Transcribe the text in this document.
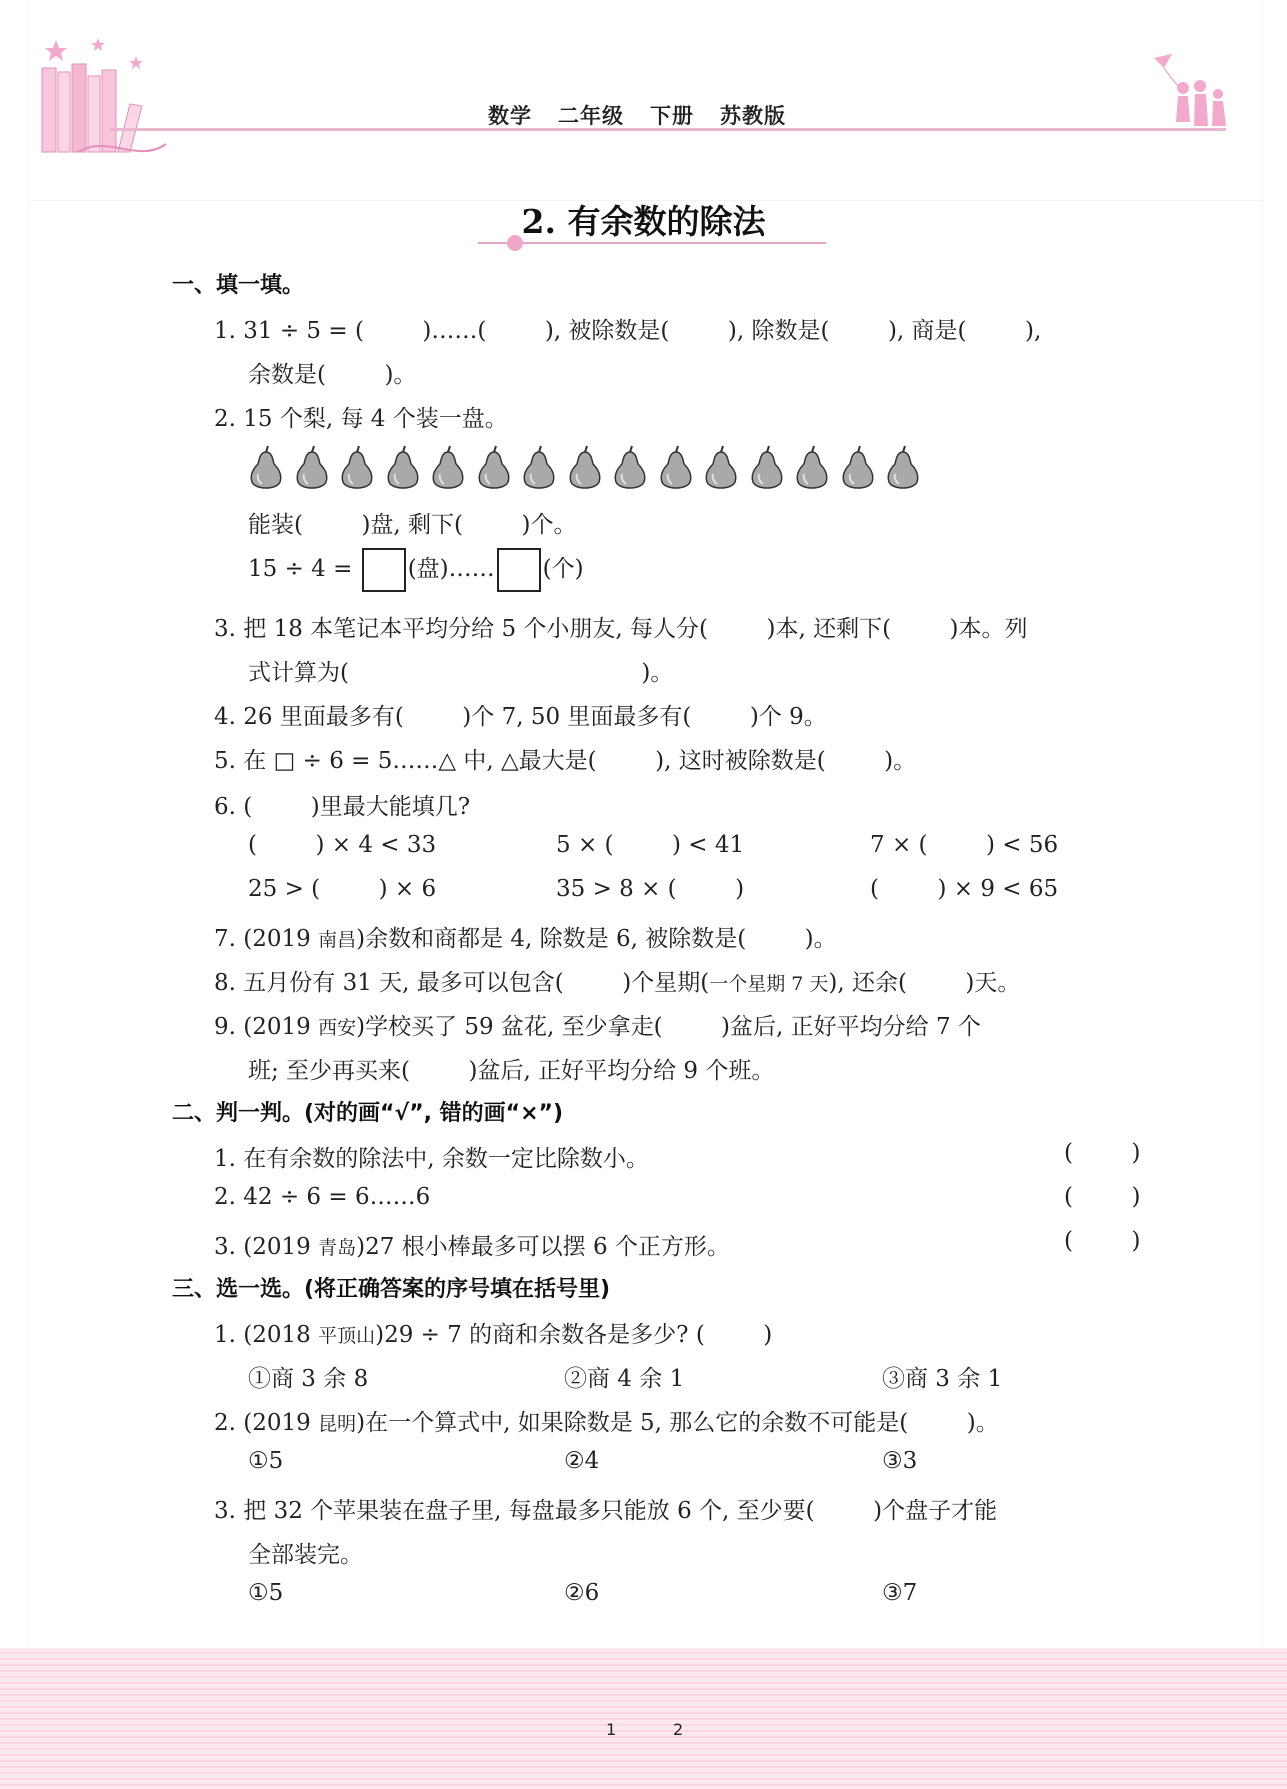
数学 二年级 下册 苏教版
2. 有余数的除法
一、填一填。
1. 31 ÷ 5 = (        )……(        ), 被除数是(        ), 除数是(        ), 商是(        ),
余数是(        )。
2. 15 个梨, 每 4 个装一盘。
能装(        )盘, 剩下(        )个。
15 ÷ 4 = (盘)…… (个)
3. 把 18 本笔记本平均分给 5 个小朋友, 每人分(        )本, 还剩下(        )本。列
式计算为(                                        )。
4. 26 里面最多有(        )个 7, 50 里面最多有(        )个 9。
5. 在 □ ÷ 6 = 5……△ 中, △最大是(        ), 这时被除数是(        )。
6. (        )里最大能填几?
(        ) × 4 < 33	5 × (        ) < 41	7 × (        ) < 56
25 > (        ) × 6	35 > 8 × (        )	(        ) × 9 < 65
7. (2019 南昌)余数和商都是 4, 除数是 6, 被除数是(        )。
8. 五月份有 31 天, 最多可以包含(        )个星期(一个星期 7 天), 还余(        )天。
9. (2019 西安)学校买了 59 盆花, 至少拿走(        )盆后, 正好平均分给 7 个
班; 至少再买来(        )盆后, 正好平均分给 9 个班。
二、判一判。(对的画“√”, 错的画“×”)
1. 在有余数的除法中, 余数一定比除数小。	(        )
2. 42 ÷ 6 = 6……6	(        )
3. (2019 青岛)27 根小棒最多可以摆 6 个正方形。	(        )
三、选一选。(将正确答案的序号填在括号里)
1. (2018 平顶山)29 ÷ 7 的商和余数各是多少? (        )
①商 3 余 8	②商 4 余 1	③商 3 余 1
2. (2019 昆明)在一个算式中, 如果除数是 5, 那么它的余数不可能是(        )。
①5	②4	③3
3. 把 32 个苹果装在盘子里, 每盘最多只能放 6 个, 至少要(        )个盘子才能
全部装完。
①5	②6	③7
1	2
